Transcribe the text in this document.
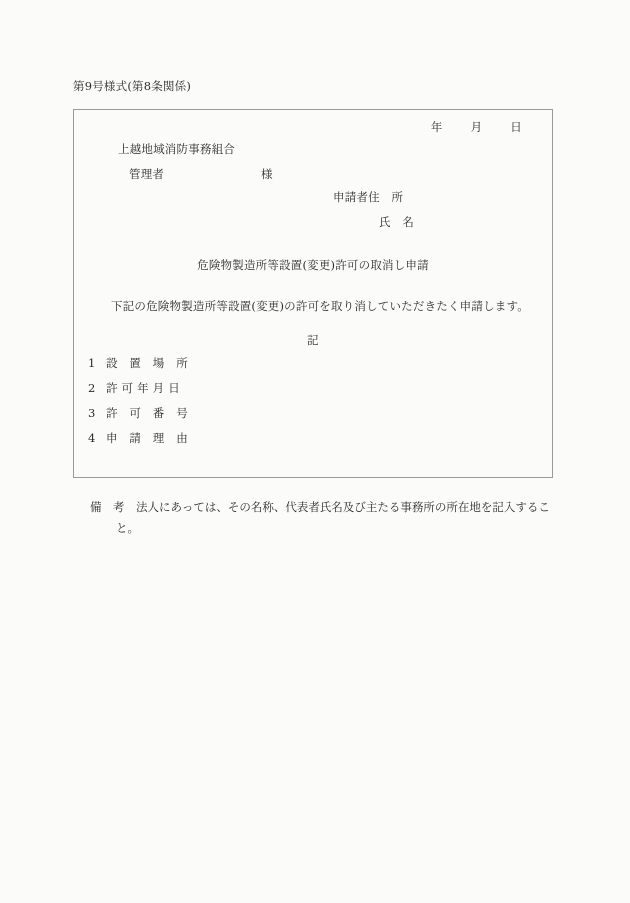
第9号様式(第8条関係)
年 月 日
上越地域消防事務組合
管理者	様
申請者住　所
氏　名
危険物製造所等設置(変更)許可の取消し申請
下記の危険物製造所等設置(変更)の許可を取り消していただきたく申請します。
記
1 設　置　場　所
2 許 可 年 月 日
3 許　可　番　号
4 申　請　理　由
備　考　 法人にあっては、その名称、代表者氏名及び主たる事務所の所在地を記入するこ
と。
